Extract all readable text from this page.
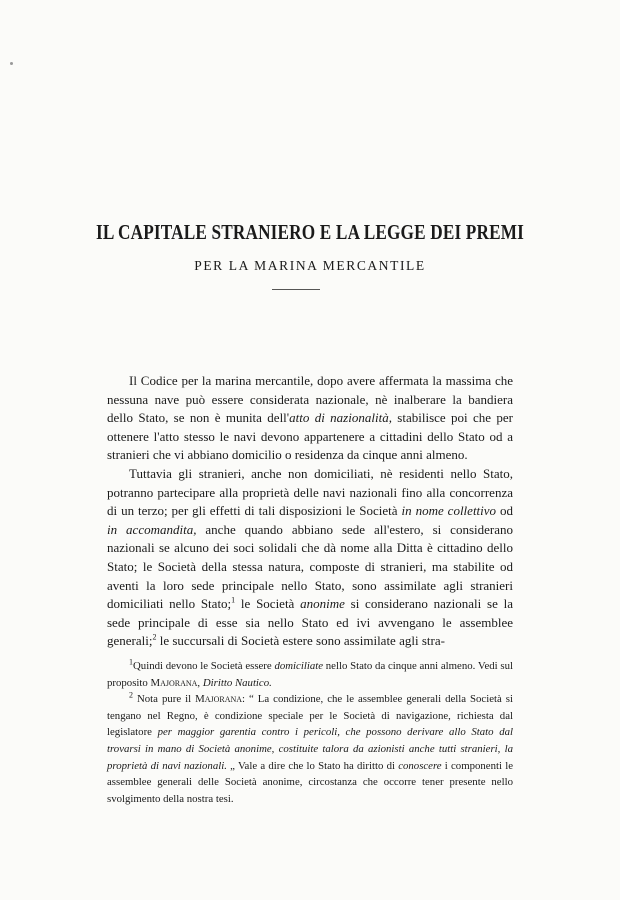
IL CAPITALE STRANIERO E LA LEGGE DEI PREMI
PER LA MARINA MERCANTILE

Il Codice per la marina mercantile, dopo avere affermata la massima che nessuna nave può essere considerata nazionale, nè inalberare la bandiera dello Stato, se non è munita dell'atto di nazionalità, stabilisce poi che per ottenere l'atto stesso le navi devono appartenere a cittadini dello Stato od a stranieri che vi abbiano domicilio o residenza da cinque anni almeno.

Tuttavia gli stranieri, anche non domiciliati, nè residenti nello Stato, potranno partecipare alla proprietà delle navi nazionali fino alla concorrenza di un terzo; per gli effetti di tali disposizioni le Società in nome collettivo od in accomandita, anche quando abbiano sede all'estero, si considerano nazionali se alcuno dei soci solidali che dà nome alla Ditta è cittadino dello Stato; le Società della stessa natura, composte di stranieri, ma stabilite od aventi la loro sede principale nello Stato, sono assimilate agli stranieri domiciliati nello Stato;$^1$ le Società anonime si considerano nazionali se la sede principale di esse sia nello Stato ed ivi avvengano le assemblee generali;$^2$ le succursali di Società estere sono assimilate agli stra-

$^1$Quindi devono le Società essere domiciliate nello Stato da cinque anni almeno. Vedi sul proposito Majorana, Diritto Nautico.

$^2$ Nota pure il Majorana: “ La condizione, che le assemblee generali della Società si tengano nel Regno, è condizione speciale per le Società di navigazione, richiesta dal legislatore per maggior garentia contro i pericoli, che possono derivare allo Stato dal trovarsi in mano di Società anonime, costituite talora da azionisti anche tutti stranieri, la proprietà di navi nazionali. „ Vale a dire che lo Stato ha diritto di conoscere i componenti le assemblee generali delle Società anonime, circostanza che occorre tener presente nello svolgimento della nostra tesi.
